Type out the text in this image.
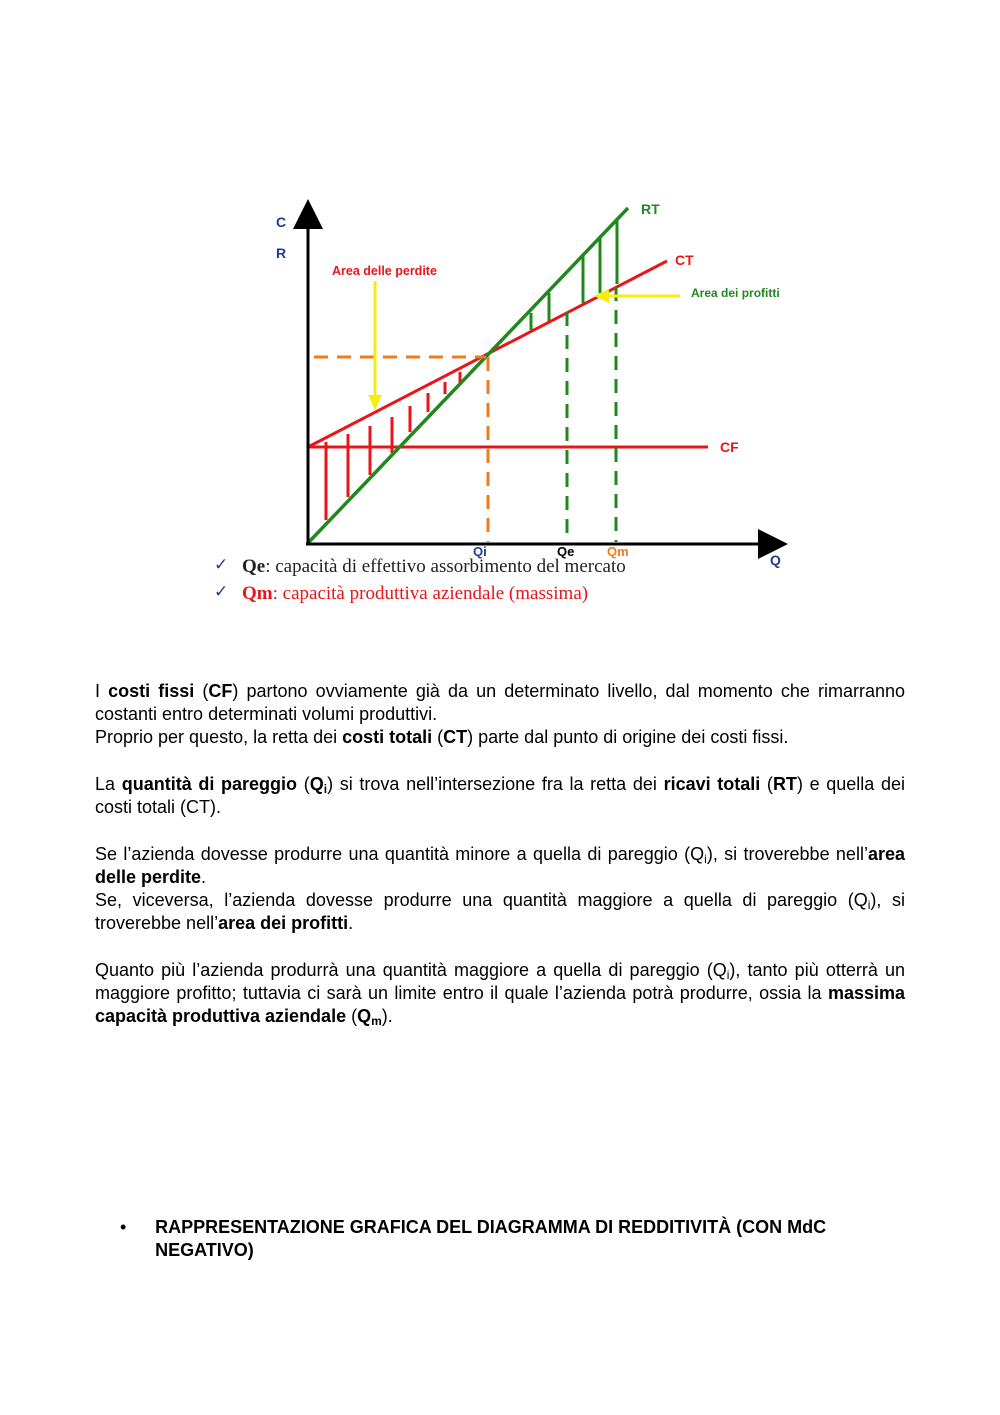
C
R
Q
RT
CT
CF
Area delle perdite
Area dei profitti
Qi	Qe	Qm
✓ Qe: capacità di effettivo assorbimento del mercato
✓ Qm: capacità produttiva aziendale (massima)

I costi fissi (CF) partono ovviamente già da un determinato livello, dal momento che rimarranno costanti entro determinati volumi produttivi.

Proprio per questo, la retta dei costi totali (CT) parte dal punto di origine dei costi fissi.

La quantità di pareggio $(Q_i)$ si trova nell’intersezione fra la retta dei ricavi totali (RT) e quella dei costi totali (CT).

Se l’azienda dovesse produrre una quantità minore a quella di pareggio $(Q_i)$, si troverebbe nell’area delle perdite.

Se, viceversa, l’azienda dovesse produrre una quantità maggiore a quella di pareggio $(Q_i)$, si troverebbe nell’area dei profitti.

Quanto più l’azienda produrrà una quantità maggiore a quella di pareggio $(Q_i)$, tanto più otterrà un maggiore profitto; tuttavia ci sarà un limite entro il quale l’azienda potrà produrre, ossia la massima capacità produttiva aziendale $(Q_m)$.

•	RAPPRESENTAZIONE GRAFICA DEL DIAGRAMMA DI REDDITIVITÀ (CON MdC NEGATIVO)
